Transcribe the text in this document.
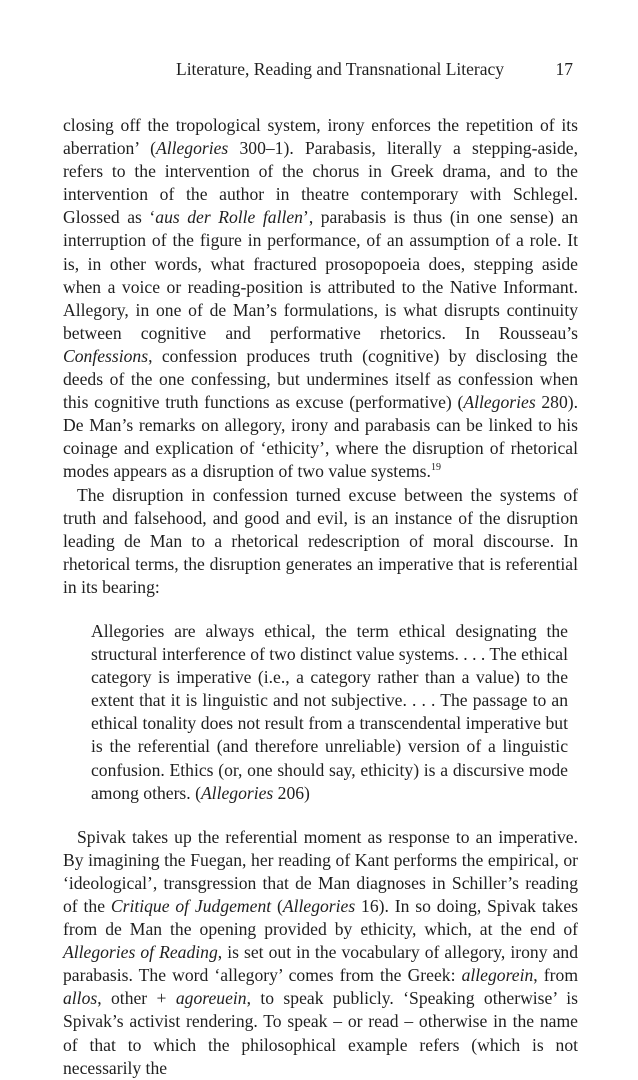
Literature, Reading and Transnational Literacy	17

closing off the tropological system, irony enforces the repetition of its aberration’ (Allegories 300–1). Parabasis, literally a stepping-aside, refers to the intervention of the chorus in Greek drama, and to the intervention of the author in theatre contemporary with Schlegel. Glossed as ‘aus der Rolle fallen’, parabasis is thus (in one sense) an interruption of the figure in performance, of an assumption of a role. It is, in other words, what fractured prosopopoeia does, stepping aside when a voice or reading-position is attributed to the Native Informant. Allegory, in one of de Man’s formulations, is what disrupts continuity between cognitive and performative rhetorics. In Rousseau’s Confessions, confession produces truth (cognitive) by disclosing the deeds of the one confessing, but undermines itself as confession when this cognitive truth functions as excuse (performative) (Allegories 280). De Man’s remarks on allegory, irony and parabasis can be linked to his coinage and explication of ‘ethicity’, where the disruption of rhetorical modes appears as a disruption of two value systems.$^{19}$

The disruption in confession turned excuse between the systems of truth and falsehood, and good and evil, is an instance of the disruption leading de Man to a rhetorical redescription of moral discourse. In rhetorical terms, the disruption generates an imperative that is referential in its bearing:

Allegories are always ethical, the term ethical designating the structural interference of two distinct value systems. . . . The ethical category is imperative (i.e., a category rather than a value) to the extent that it is linguistic and not subjective. . . . The passage to an ethical tonality does not result from a transcendental imperative but is the referential (and therefore unreliable) version of a linguistic confusion. Ethics (or, one should say, ethicity) is a discursive mode among others. (Allegories 206)

Spivak takes up the referential moment as response to an imperative. By imagining the Fuegan, her reading of Kant performs the empirical, or ‘ideological’, transgression that de Man diagnoses in Schiller’s reading of the Critique of Judgement (Allegories 16). In so doing, Spivak takes from de Man the opening provided by ethicity, which, at the end of Allegories of Reading, is set out in the vocabulary of allegory, irony and parabasis. The word ‘allegory’ comes from the Greek: allegorein, from allos, other + agoreuein, to speak publicly. ‘Speaking otherwise’ is Spivak’s activist rendering. To speak – or read – otherwise in the name of that to which the philosophical example refers (which is not necessarily the
